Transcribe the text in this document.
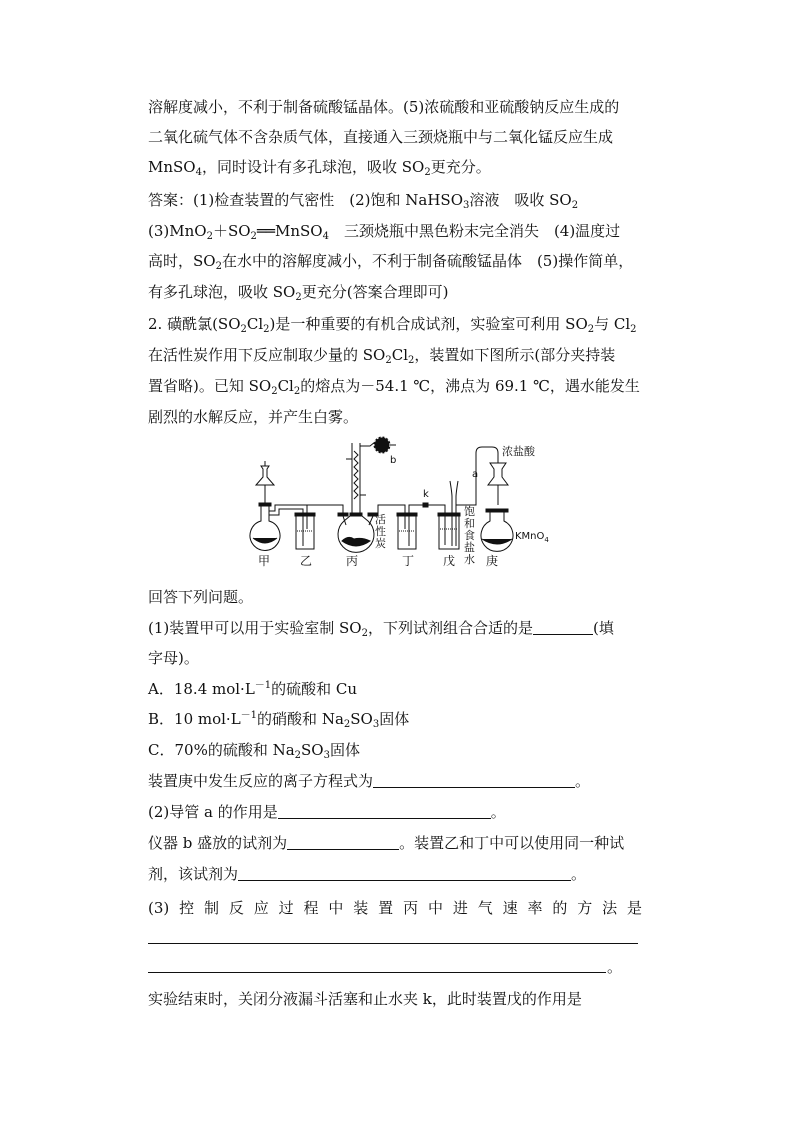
溶解度减小，不利于制备硫酸锰晶体。(5)浓硫酸和亚硫酸钠反应生成的
二氧化硫气体不含杂质气体，直接通入三颈烧瓶中与二氧化锰反应生成
MnSO$_4$，同时设计有多孔球泡，吸收 $SO_2$更充分。
答案：(1)检查装置的气密性　(2)饱和 NaHSO$_3$溶液　吸收 $SO_2$
$(3)MnO_2+SO_2══MnSO_4$　三颈烧瓶中黑色粉末完全消失　(4)温度过
高时，$SO_2$在水中的溶解度减小，不利于制备硫酸锰晶体　(5)操作简单，
有多孔球泡，吸收 $SO_2$更充分(答案合理即可)
2. 磺酰氯$(SO_2Cl_2)$是一种重要的有机合成试剂，实验室可利用 $SO_2$与 $Cl_2$
在活性炭作用下反应制取少量的 $SO_2Cl_2$，装置如下图所示(部分夹持装
置省略)。已知 $SO_2Cl_2$的熔点为－54.1 ℃，沸点为 69.1 ℃，遇水能发生
剧烈的水解反应，并产生白雾。
甲 乙	丙	丁 戊	庚
b
a
k
活
性
炭
饱
和
食
盐
水
浓盐酸
KMnO$_4$
回答下列问题。
(1)装置甲可以用于实验室制 $SO_2$，下列试剂组合合适的是	(填
字母)。
A．18.4 $mol\cdot L^{-1}$的硫酸和 Cu
B．10 $mol\cdot L^{-1}$的硝酸和 $Na_2SO_3$固体
C．70%的硫酸和 $Na_2SO_3$固体
装置庚中发生反应的离子方程式为	。
(2)导管 a 的作用是	。
仪器 b 盛放的试剂为	。装置乙和丁中可以使用同一种试
剂，该试剂为	。
(3)控制反应过程中装置丙中进气速率的方法是
。
实验结束时，关闭分液漏斗活塞和止水夹 k，此时装置戊的作用是
